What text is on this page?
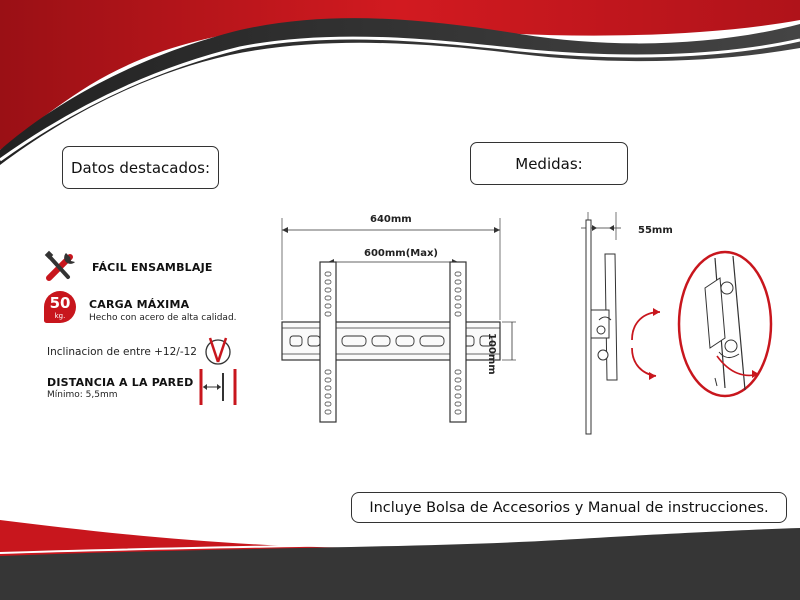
Datos destacados:	Medidas:
FÁCIL ENSAMBLAJE
50
kg.
CARGA MÁXIMA
Hecho con acero de alta calidad.
Inclinacion de entre +12/-12
DISTANCIA A LA PARED
Mínimo: 5,5mm
640mm
600mm(Max)
100mm
55mm
Incluye Bolsa de Accesorios y Manual de instrucciones.
